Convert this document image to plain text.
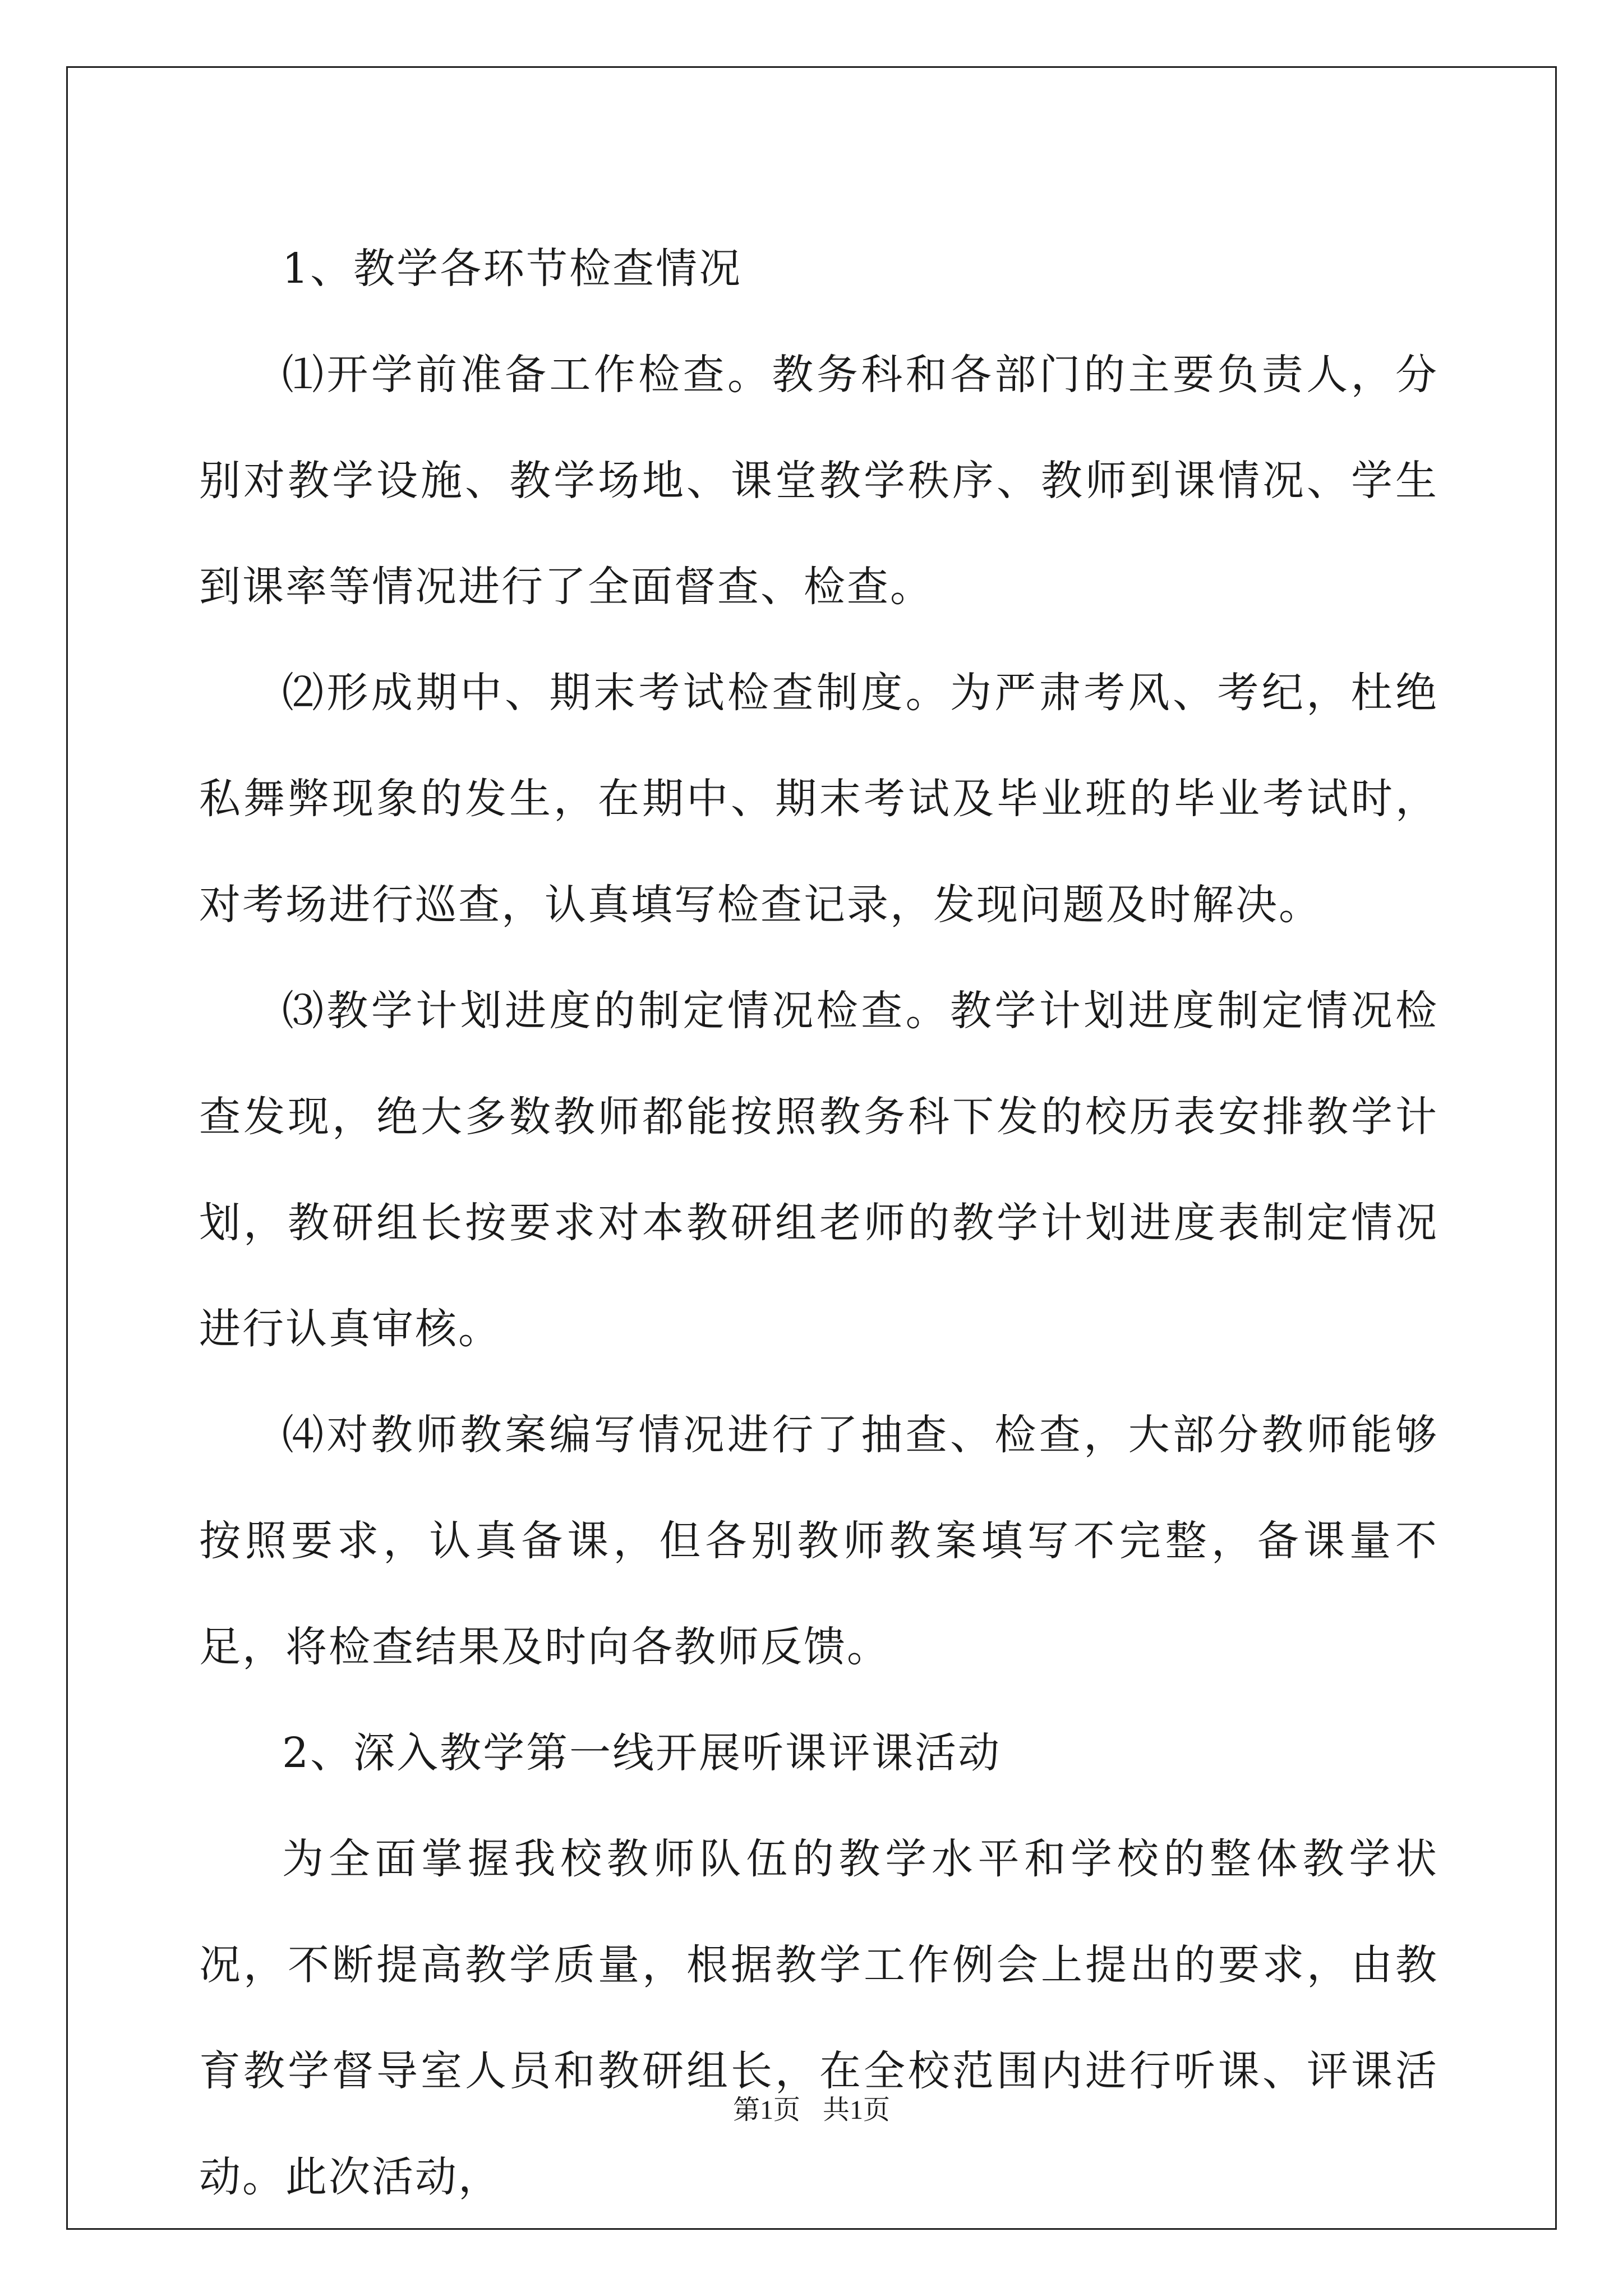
1、教学各环节检查情况

⑴开学前准备工作检查。教务科和各部门的主要负责人，分别对教学设施、教学场地、课堂教学秩序、教师到课情况、学生到课率等情况进行了全面督查、检查。

⑵形成期中、期末考试检查制度。为严肃考风、考纪，杜绝私舞弊现象的发生，在期中、期末考试及毕业班的毕业考试时，对考场进行巡查，认真填写检查记录，发现问题及时解决。

⑶教学计划进度的制定情况检查。教学计划进度制定情况检查发现，绝大多数教师都能按照教务科下发的校历表安排教学计划，教研组长按要求对本教研组老师的教学计划进度表制定情况进行认真审核。

⑷对教师教案编写情况进行了抽查、检查，大部分教师能够按照要求，认真备课，但各别教师教案填写不完整，备课量不足，将检查结果及时向各教师反馈。

2、深入教学第一线开展听课评课活动

为全面掌握我校教师队伍的教学水平和学校的整体教学状况，不断提高教学质量，根据教学工作例会上提出的要求，由教育教学督导室人员和教研组长，在全校范围内进行听课、评课活动。此次活动，

第1页 共1页
